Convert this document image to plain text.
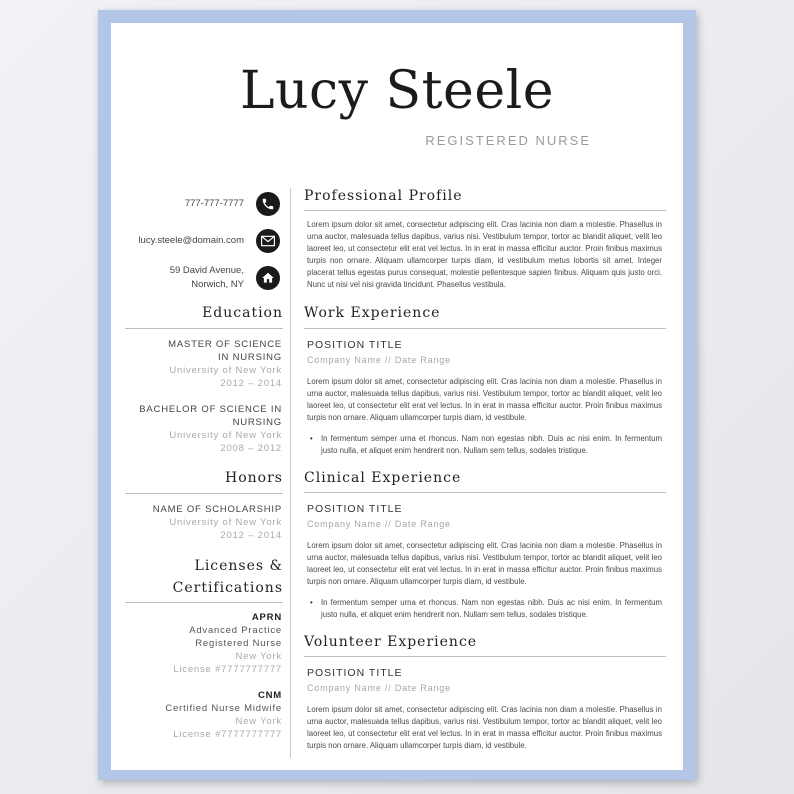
Lucy Steele
REGISTERED NURSE
777-777-7777
lucy.steele@domain.com
59 David Avenue,
Norwich, NY
Education
MASTER OF SCIENCE
IN NURSING
University of New York
2012 – 2014
BACHELOR OF SCIENCE IN
NURSING
University of New York
2008 – 2012
Honors
NAME OF SCHOLARSHIP
University of New York
2012 – 2014
Licenses &
Certifications
APRN
Advanced Practice
Registered Nurse
New York
License #7777777777
CNM
Certified Nurse Midwife
New York
License #7777777777
Professional Profile
Lorem ipsum dolor sit amet, consectetur adipiscing elit. Cras lacinia non diam a molestie. Phasellus in urna auctor, malesuada tellus dapibus, varius nisi. Vestibulum tempor, tortor ac blandit aliquet, velit leo laoreet leo, ut consectetur elit erat vel lectus. In in erat in massa efficitur auctor. Proin finibus maximus turpis non ornare. Aliquam ullamcorper turpis diam, id vestibulum metus lobortis sit amet. Integer placerat tellus egestas purus consequat, molestie pellentesque sapien finibus. Aliquam quis justo orci. Nunc ut nisi vel nisi gravida tincidunt. Phasellus vestibula.
Work Experience
POSITION TITLE
Company Name // Date Range
Lorem ipsum dolor sit amet, consectetur adipiscing elit. Cras lacinia non diam a molestie. Phasellus in urna auctor, malesuada tellus dapibus, varius nisi. Vestibulum tempor, tortor ac blandit aliquet, velit leo laoreet leo, ut consectetur elit erat vel lectus. In in erat in massa efficitur auctor. Proin finibus maximus turpis non ornare. Aliquam ullamcorper turpis diam, id vestibule.
• In fermentum semper urna et rhoncus. Nam non egestas nibh. Duis ac nisi enim. In fermentum justo nulla, et aliquet enim hendrerit non. Nullam sem tellus, sodales tristique.
Clinical Experience
POSITION TITLE
Company Name // Date Range
Lorem ipsum dolor sit amet, consectetur adipiscing elit. Cras lacinia non diam a molestie. Phasellus in urna auctor, malesuada tellus dapibus, varius nisi. Vestibulum tempor, tortor ac blandit aliquet, velit leo laoreet leo, ut consectetur elit erat vel lectus. In in erat in massa efficitur auctor. Proin finibus maximus turpis non ornare. Aliquam ullamcorper turpis diam, id vestibule.
• In fermentum semper urna et rhoncus. Nam non egestas nibh. Duis ac nisi enim. In fermentum justo nulla, et aliquet enim hendrerit non. Nullam sem tellus, sodales tristique.
Volunteer Experience
POSITION TITLE
Company Name // Date Range
Lorem ipsum dolor sit amet, consectetur adipiscing elit. Cras lacinia non diam a molestie. Phasellus in urna auctor, malesuada tellus dapibus, varius nisi. Vestibulum tempor, tortor ac blandit aliquet, velit leo laoreet leo, ut consectetur elit erat vel lectus. In in erat in massa efficitur auctor. Proin finibus maximus turpis non ornare. Aliquam ullamcorper turpis diam, id vestibule.
